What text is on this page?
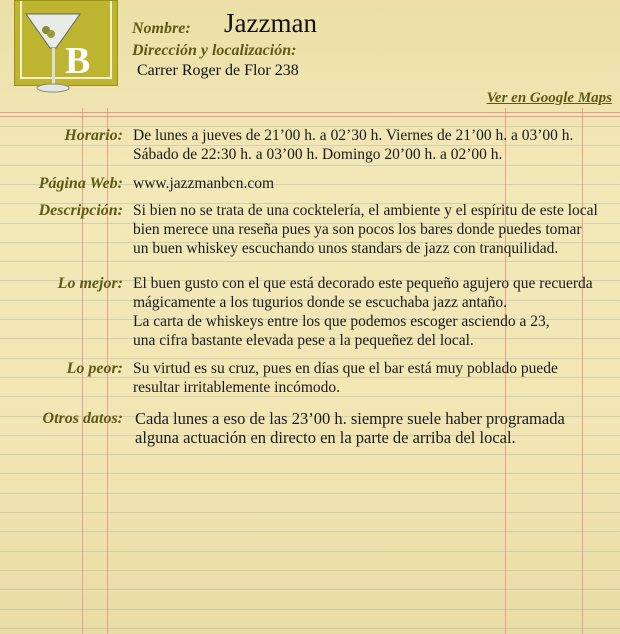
B
Nombre: Jazzman
Dirección y localización:
Carrer Roger de Flor 238
Ver en Google Maps
Horario: De lunes a jueves de 21’00 h. a 02’30 h. Viernes de 21’00 h. a 03’00 h.
Sábado de 22:30 h. a 03’00 h. Domingo 20’00 h. a 02’00 h.
Página Web: www.jazzmanbcn.com
Descripción: Si bien no se trata de una cocktelería, el ambiente y el espíritu de este local
bien merece una reseña pues ya son pocos los bares donde puedes tomar
un buen whiskey escuchando unos standars de jazz con tranquilidad.
Lo mejor: El buen gusto con el que está decorado este pequeño agujero que recuerda
mágicamente a los tugurios donde se escuchaba jazz antaño.
La carta de whiskeys entre los que podemos escoger asciendo a 23,
una cifra bastante elevada pese a la pequeñez del local.
Lo peor: Su virtud es su cruz, pues en días que el bar está muy poblado puede
resultar irritablemente incómodo.
Otros datos: Cada lunes a eso de las 23’00 h. siempre suele haber programada
alguna actuación en directo en la parte de arriba del local.
